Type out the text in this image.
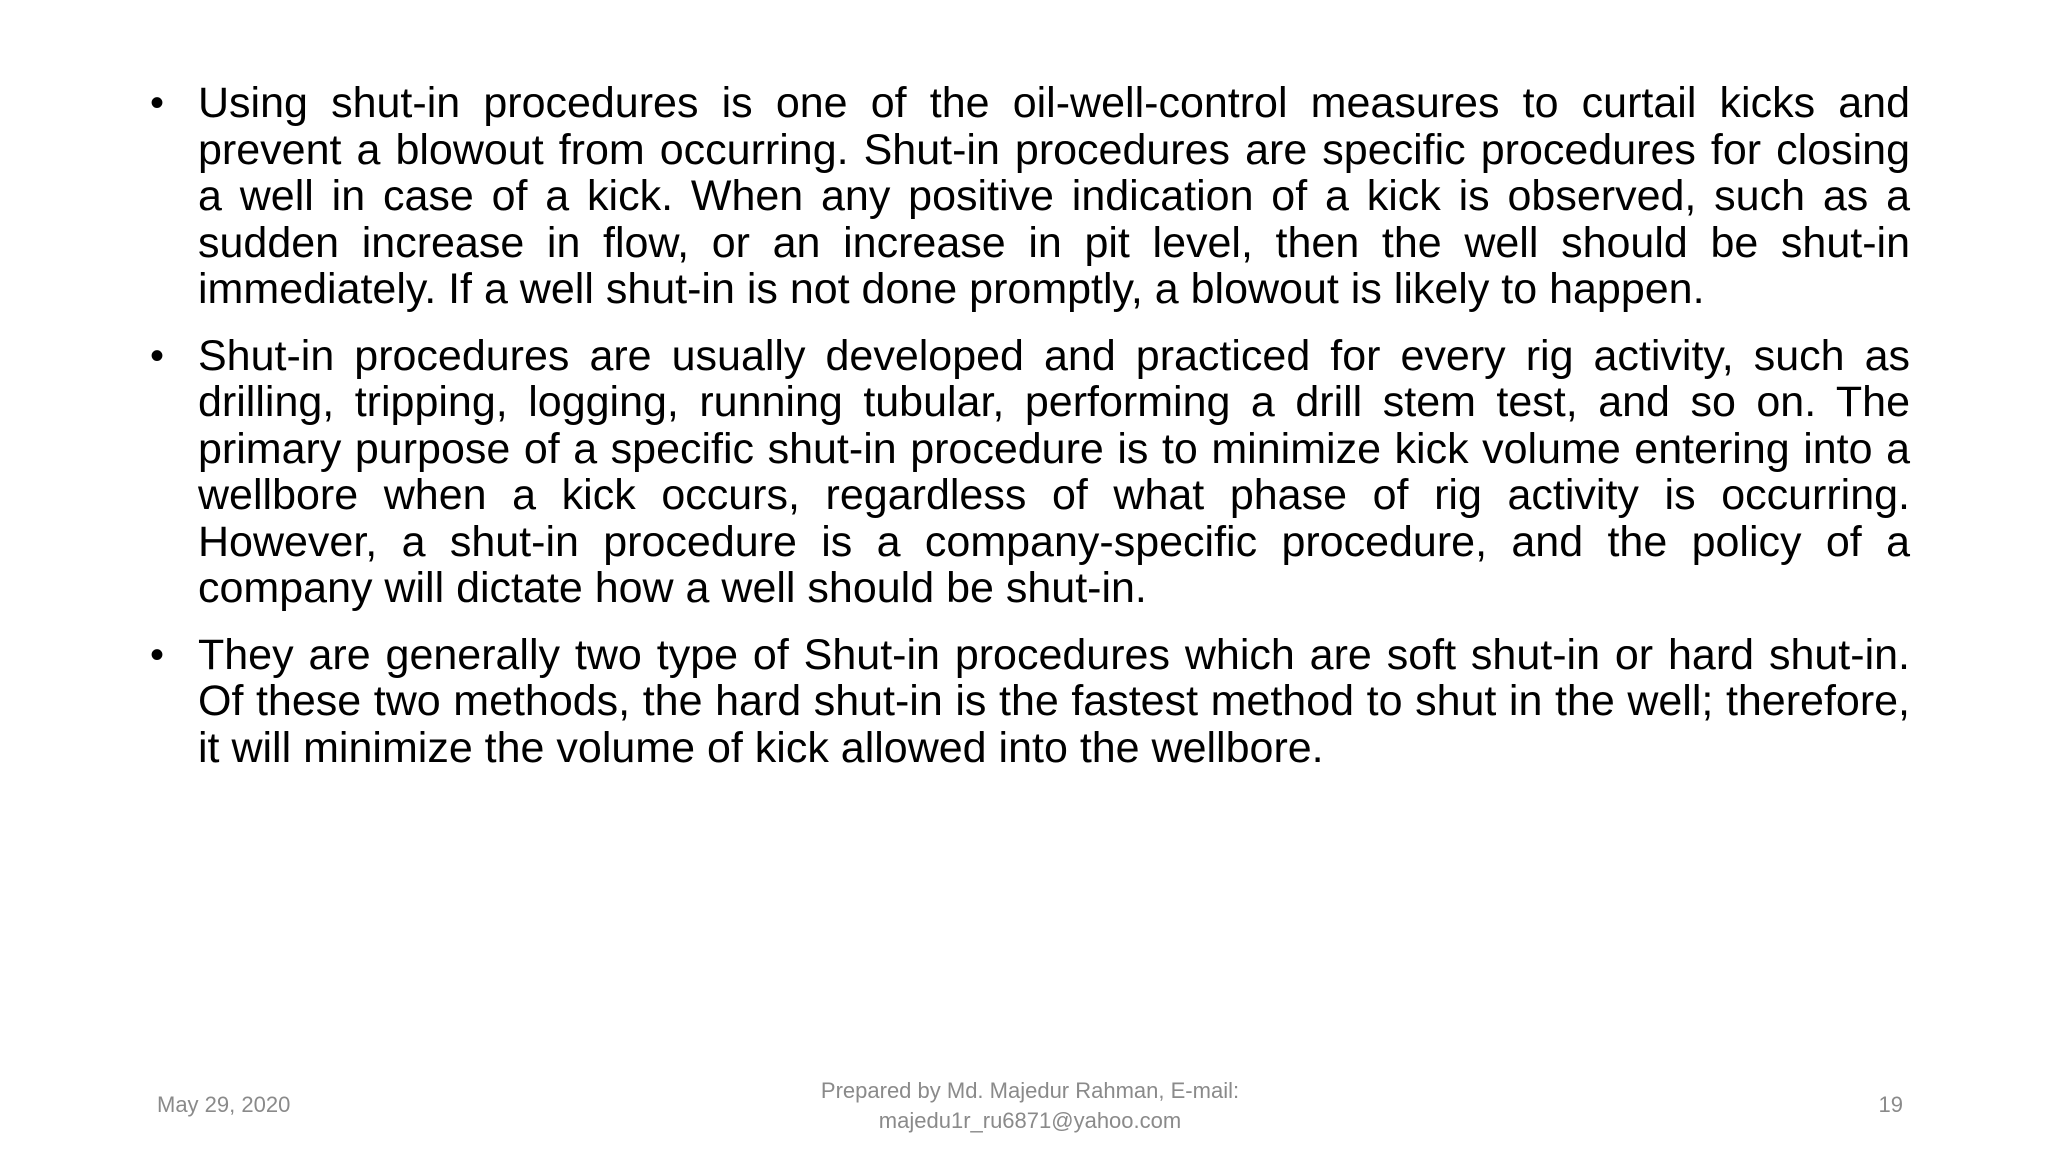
• Using shut-in procedures is one of the oil-well-control measures to curtail kicks and prevent a blowout from occurring. Shut-in procedures are specific procedures for closing a well in case of a kick. When any positive indication of a kick is observed, such as a sudden increase in flow, or an increase in pit level, then the well should be shut-in immediately. If a well shut-in is not done promptly, a blowout is likely to happen.
• Shut-in procedures are usually developed and practiced for every rig activity, such as drilling, tripping, logging, running tubular, performing a drill stem test, and so on. The primary purpose of a specific shut-in procedure is to minimize kick volume entering into a wellbore when a kick occurs, regardless of what phase of rig activity is occurring. However, a shut-in procedure is a company-specific procedure, and the policy of a company will dictate how a well should be shut-in.
• They are generally two type of Shut-in procedures which are soft shut-in or hard shut-in. Of these two methods, the hard shut-in is the fastest method to shut in the well; therefore, it will minimize the volume of kick allowed into the wellbore.
May 29, 2020
Prepared by Md. Majedur Rahman, E-mail:
majedu1r_ru6871@yahoo.com
19
